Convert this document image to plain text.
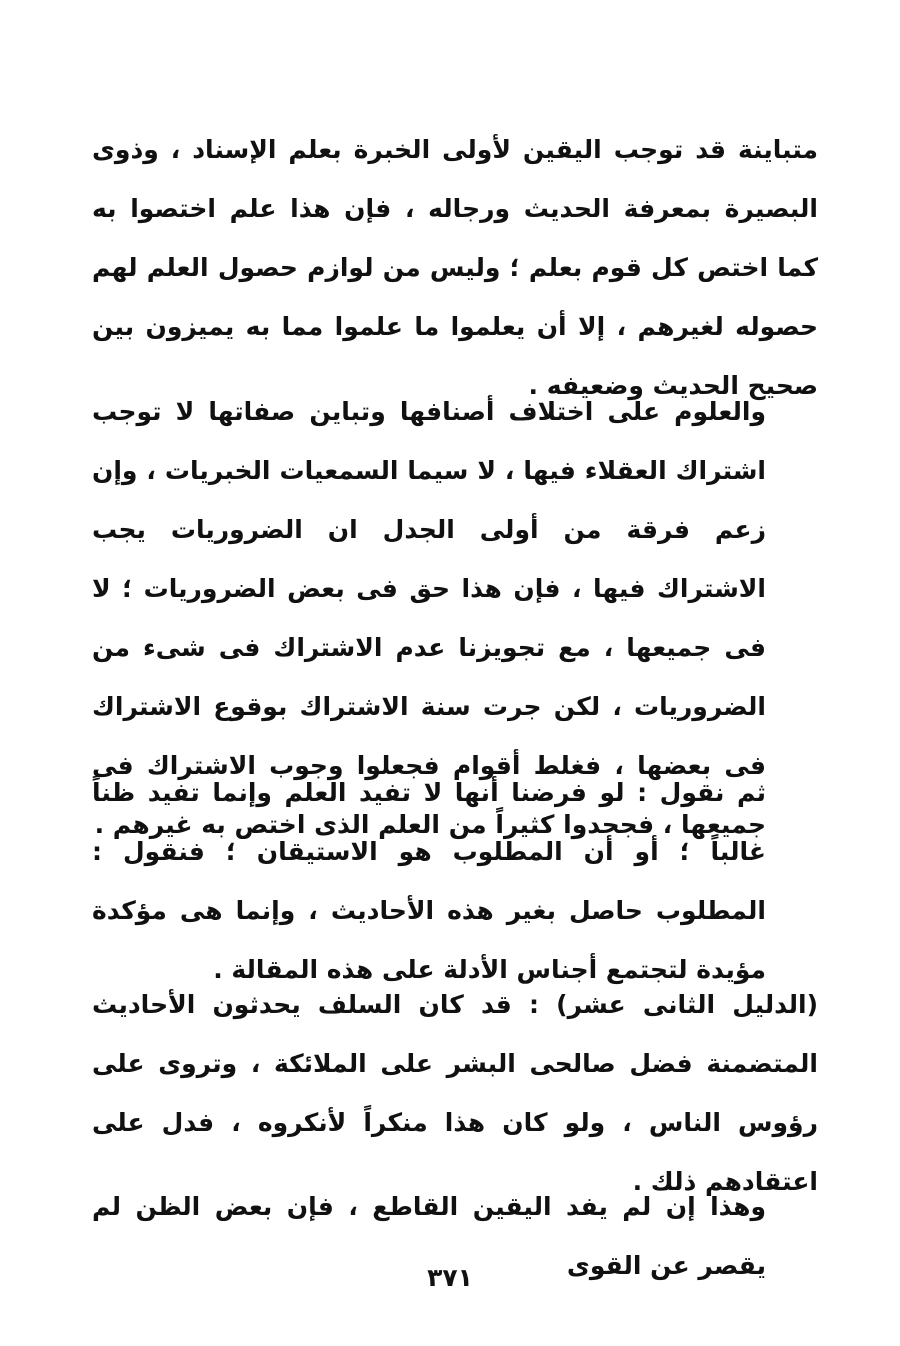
متباينة قد توجب اليقين لأولى الخبرة بعلم الإسناد ، وذوى البصيرة بمعرفة الحديث ورجاله ، فإن هذا علم اختصوا به كما اختص كل قوم بعلم ؛ وليس من لوازم حصول العلم لهم حصوله لغيرهم ، إلا أن يعلموا ما علموا مما به يميزون بين صحيح الحديث وضعيفه .

والعلوم على اختلاف أصنافها وتباين صفاتها لا توجب اشتراك العقلاء فيها ، لا سيما السمعيات الخبريات ، وإن زعم فرقة من أولى الجدل ان الضروريات يجب الاشتراك فيها ، فإن هذا حق فى بعض الضروريات ؛ لا فى جميعها ، مع تجويزنا عدم الاشتراك فى شىء من الضروريات ، لكن جرت سنة الاشتراك بوقوع الاشتراك فى بعضها ، فغلط أقوام فجعلوا وجوب الاشتراك فى جميعها ، فجحدوا كثيراً من العلم الذى اختص به غيرهم .

ثم نقول : لو فرضنا أنها لا تفيد العلم وإنما تفيد ظناً غالباً ؛ أو أن المطلوب هو الاستيقان ؛ فنقول : المطلوب حاصل بغير هذه الأحاديث ، وإنما هى مؤكدة مؤيدة لتجتمع أجناس الأدلة على هذه المقالة .

(الدليل الثانى عشر) : قد كان السلف يحدثون الأحاديث المتضمنة فضل صالحى البشر على الملائكة ، وتروى على رؤوس الناس ، ولو كان هذا منكراً لأنكروه ، فدل على اعتقادهم ذلك .

وهذا إن لم يفد اليقين القاطع ، فإن بعض الظن لم يقصر عن القوى

٣٧١
